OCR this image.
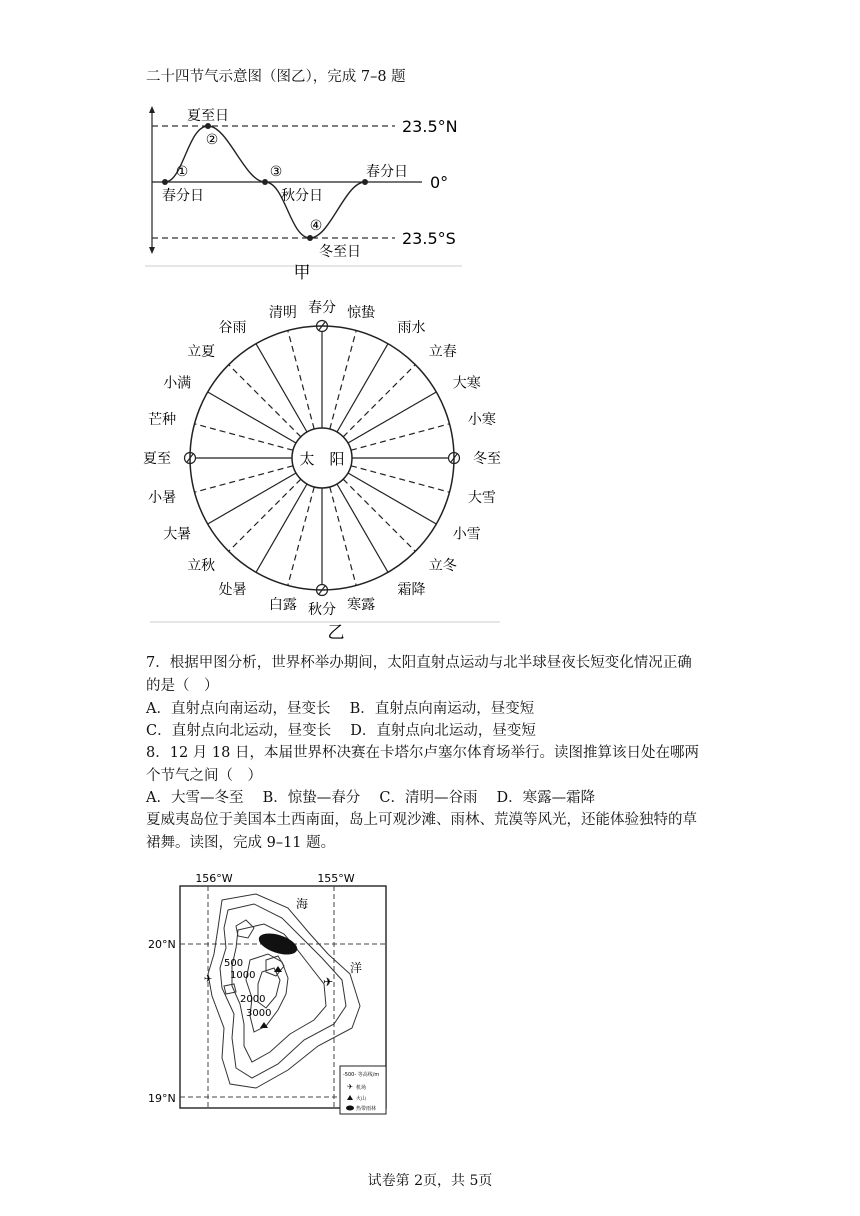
二十四节气示意图（图乙），完成 7–8 题
23.5°N
0°
23.5°S
夏至日
②
①
春分日
③
秋分日
春分日
④
冬至日
甲
太　阳
春分 惊蛰
雨水
立春
大寒
小寒
冬至
大雪
小雪
立冬
霜降
寒露
秋分
白露
处暑
立秋
大暑
小暑
夏至
芒种
小满
立夏
谷雨
清明
乙
7．根据甲图分析，世界杯举办期间，太阳直射点运动与北半球昼夜长短变化情况正确
的是（　）
A．直射点向南运动，昼变长　 B．直射点向南运动，昼变短
C．直射点向北运动，昼变长　 D．直射点向北运动，昼变短
8．12 月 18 日，本届世界杯决赛在卡塔尔卢塞尔体育场举行。读图推算该日处在哪两
个节气之间（　）
A．大雪—冬至　 B．惊蛰—春分　 C．清明—谷雨　 D．寒露—霜降
夏威夷岛位于美国本土西南面，岛上可观沙滩、雨林、荒漠等风光，还能体验独特的草
裙舞。读图，完成 9–11 题。
156°W	155°W
20°N
19°N
✈
✈
海
洋
500
1000
2000
3000
-500- 等高线/m
✈ 机场
火山
热带雨林
试卷第 2页，共 5页
